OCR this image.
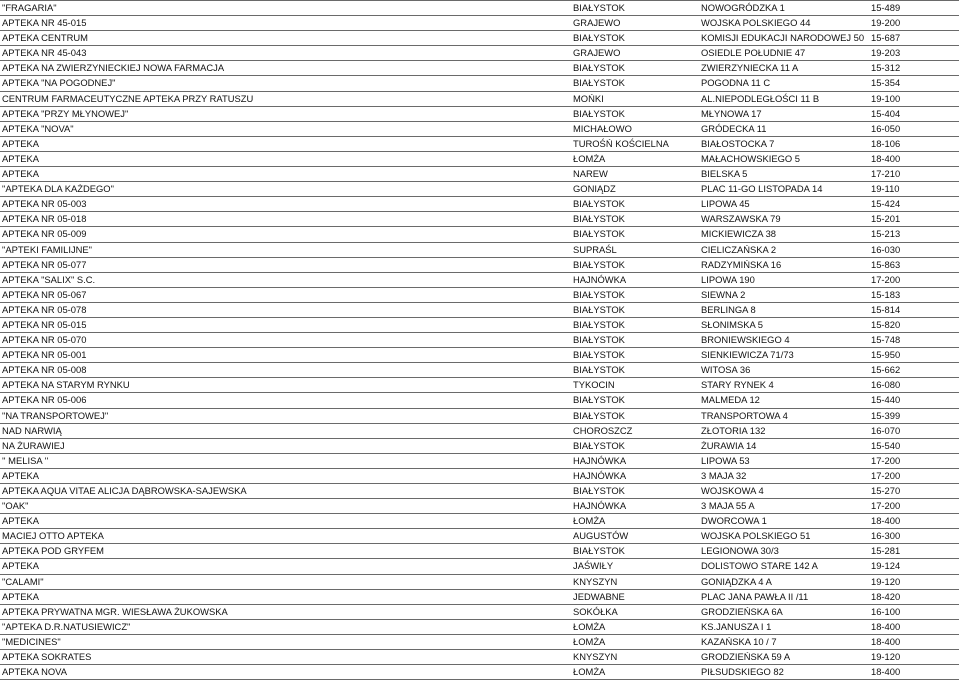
"FRAGARIA"	BIAŁYSTOK	NOWOGRÓDZKA 1	15-489
APTEKA NR 45-015	GRAJEWO	WOJSKA POLSKIEGO 44	19-200
APTEKA CENTRUM	BIAŁYSTOK	KOMISJI EDUKACJI NARODOWEJ 50	15-687
APTEKA NR 45-043	GRAJEWO	OSIEDLE POŁUDNIE 47	19-203
APTEKA NA ZWIERZYNIECKIEJ NOWA FARMACJA	BIAŁYSTOK	ZWIERZYNIECKA 11 A	15-312
APTEKA "NA POGODNEJ"	BIAŁYSTOK	POGODNA 11 C	15-354
CENTRUM FARMACEUTYCZNE APTEKA PRZY RATUSZU	MOŃKI	AL.NIEPODLEGŁOŚCI 11 B	19-100
APTEKA "PRZY MŁYNOWEJ"	BIAŁYSTOK	MŁYNOWA 17	15-404
APTEKA "NOVA"	MICHAŁOWO	GRÓDECKA 11	16-050
APTEKA	TUROŚŃ KOŚCIELNA	BIAŁOSTOCKA 7	18-106
APTEKA	ŁOMŻA	MAŁACHOWSKIEGO 5	18-400
APTEKA	NAREW	BIELSKA 5	17-210
"APTEKA DLA KAŻDEGO"	GONIĄDZ	PLAC 11-GO LISTOPADA 14	19-110
APTEKA NR 05-003	BIAŁYSTOK	LIPOWA 45	15-424
APTEKA NR 05-018	BIAŁYSTOK	WARSZAWSKA 79	15-201
APTEKA NR 05-009	BIAŁYSTOK	MICKIEWICZA 38	15-213
"APTEKI FAMILIJNE"	SUPRAŚL	CIELICZAŃSKA 2	16-030
APTEKA NR 05-077	BIAŁYSTOK	RADZYMIŃSKA 16	15-863
APTEKA "SALIX" S.C.	HAJNÓWKA	LIPOWA 190	17-200
APTEKA NR 05-067	BIAŁYSTOK	SIEWNA 2	15-183
APTEKA NR 05-078	BIAŁYSTOK	BERLINGA 8	15-814
APTEKA NR 05-015	BIAŁYSTOK	SŁONIMSKA 5	15-820
APTEKA NR 05-070	BIAŁYSTOK	BRONIEWSKIEGO 4	15-748
APTEKA NR 05-001	BIAŁYSTOK	SIENKIEWICZA 71/73	15-950
APTEKA NR 05-008	BIAŁYSTOK	WITOSA 36	15-662
APTEKA NA STARYM RYNKU	TYKOCIN	STARY RYNEK 4	16-080
APTEKA NR 05-006	BIAŁYSTOK	MALMEDA 12	15-440
"NA TRANSPORTOWEJ"	BIAŁYSTOK	TRANSPORTOWA 4	15-399
NAD NARWIĄ	CHOROSZCZ	ZŁOTORIA 132	16-070
NA ŻURAWIEJ	BIAŁYSTOK	ŻURAWIA 14	15-540
'' MELISA ''	HAJNÓWKA	LIPOWA 53	17-200
APTEKA	HAJNÓWKA	3 MAJA 32	17-200
APTEKA AQUA VITAE ALICJA DĄBROWSKA-SAJEWSKA	BIAŁYSTOK	WOJSKOWA 4	15-270
"OAK"	HAJNÓWKA	3 MAJA 55 A	17-200
APTEKA	ŁOMŻA	DWORCOWA 1	18-400
MACIEJ OTTO APTEKA	AUGUSTÓW	WOJSKA POLSKIEGO 51	16-300
APTEKA POD GRYFEM	BIAŁYSTOK	LEGIONOWA 30/3	15-281
APTEKA	JAŚWIŁY	DOLISTOWO STARE 142 A	19-124
"CALAMI"	KNYSZYN	GONIĄDZKA 4 A	19-120
APTEKA	JEDWABNE	PLAC JANA PAWŁA II /11	18-420
APTEKA PRYWATNA MGR. WIESŁAWA ŻUKOWSKA	SOKÓŁKA	GRODZIEŃSKA 6A	16-100
"APTEKA D.R.NATUSIEWICZ"	ŁOMŻA	KS.JANUSZA I 1	18-400
"MEDICINES"	ŁOMŻA	KAZAŃSKA 10 / 7	18-400
APTEKA SOKRATES	KNYSZYN	GRODZIEŃSKA 59 A	19-120
APTEKA NOVA	ŁOMŻA	PIŁSUDSKIEGO 82	18-400
